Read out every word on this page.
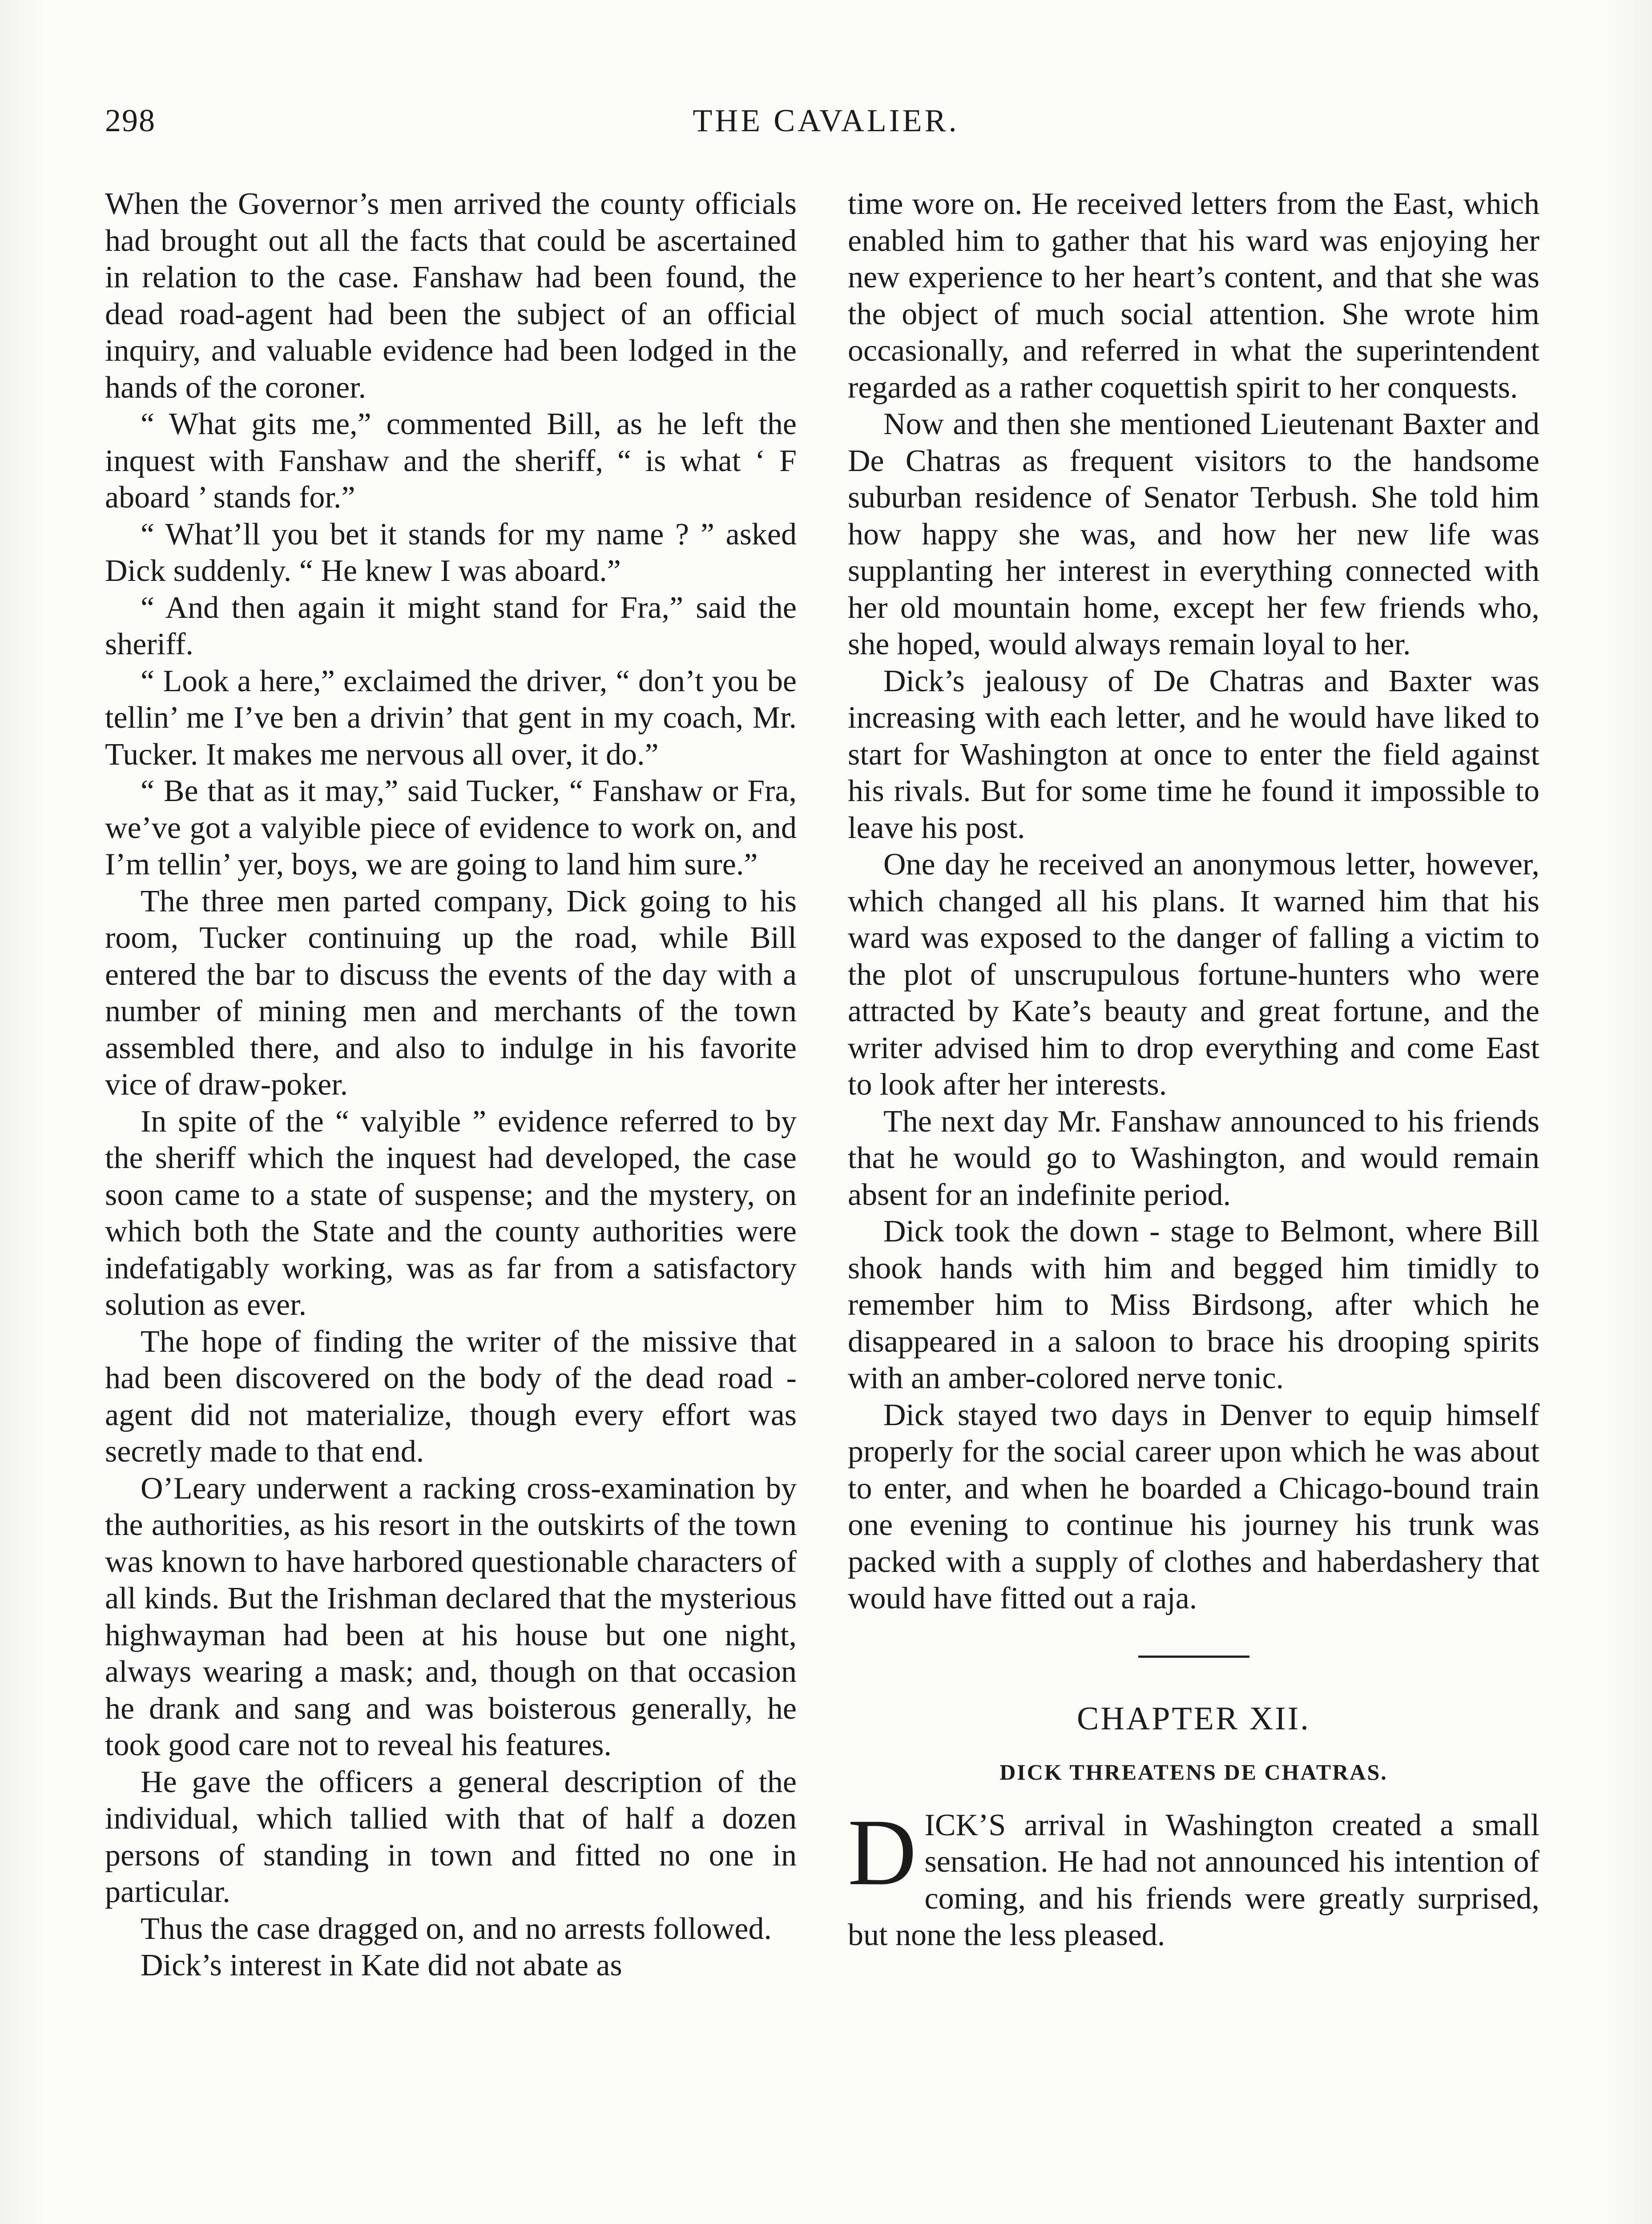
298	THE CAVALIER.

When the Governor’s men arrived the county officials had brought out all the facts that could be ascertained in relation to the case. Fanshaw had been found, the dead road-agent had been the subject of an official inquiry, and valuable evidence had been lodged in the hands of the coroner.

“ What gits me,” commented Bill, as he left the inquest with Fanshaw and the sheriff, “ is what ‘ F aboard ’ stands for.”

“ What’ll you bet it stands for my name ? ” asked Dick suddenly. “ He knew I was aboard.”

“ And then again it might stand for Fra,” said the sheriff.

“ Look a here,” exclaimed the driver, “ don’t you be tellin’ me I’ve ben a drivin’ that gent in my coach, Mr. Tucker. It makes me nervous all over, it do.”

“ Be that as it may,” said Tucker, “ Fanshaw or Fra, we’ve got a valyible piece of evidence to work on, and I’m tellin’ yer, boys, we are going to land him sure.”

The three men parted company, Dick going to his room, Tucker continuing up the road, while Bill entered the bar to discuss the events of the day with a number of mining men and merchants of the town assembled there, and also to indulge in his favorite vice of draw-poker.

In spite of the “ valyible ” evidence referred to by the sheriff which the inquest had developed, the case soon came to a state of suspense; and the mystery, on which both the State and the county authorities were indefatigably working, was as far from a satisfactory solution as ever.

The hope of finding the writer of the missive that had been discovered on the body of the dead road - agent did not materialize, though every effort was secretly made to that end.

O’Leary underwent a racking cross-examination by the authorities, as his resort in the outskirts of the town was known to have harbored questionable characters of all kinds. But the Irishman declared that the mysterious highwayman had been at his house but one night, always wearing a mask; and, though on that occasion he drank and sang and was boisterous generally, he took good care not to reveal his features.

He gave the officers a general description of the individual, which tallied with that of half a dozen persons of standing in town and fitted no one in particular.

Thus the case dragged on, and no arrests followed.

Dick’s interest in Kate did not abate as

time wore on. He received letters from the East, which enabled him to gather that his ward was enjoying her new experience to her heart’s content, and that she was the object of much social attention. She wrote him occasionally, and referred in what the superintendent regarded as a rather coquettish spirit to her conquests.

Now and then she mentioned Lieutenant Baxter and De Chatras as frequent visitors to the handsome suburban residence of Senator Terbush. She told him how happy she was, and how her new life was supplanting her interest in everything connected with her old mountain home, except her few friends who, she hoped, would always remain loyal to her.

Dick’s jealousy of De Chatras and Baxter was increasing with each letter, and he would have liked to start for Washington at once to enter the field against his rivals. But for some time he found it impossible to leave his post.

One day he received an anonymous letter, however, which changed all his plans. It warned him that his ward was exposed to the danger of falling a victim to the plot of unscrupulous fortune-hunters who were attracted by Kate’s beauty and great fortune, and the writer advised him to drop everything and come East to look after her interests.

The next day Mr. Fanshaw announced to his friends that he would go to Washington, and would remain absent for an indefinite period.

Dick took the down - stage to Belmont, where Bill shook hands with him and begged him timidly to remember him to Miss Birdsong, after which he disappeared in a saloon to brace his drooping spirits with an amber-colored nerve tonic.

Dick stayed two days in Denver to equip himself properly for the social career upon which he was about to enter, and when he boarded a Chicago-bound train one evening to continue his journey his trunk was packed with a supply of clothes and haberdashery that would have fitted out a raja.

CHAPTER XII.
DICK THREATENS DE CHATRAS.

DICK’S arrival in Washington created a small sensation. He had not announced his intention of coming, and his friends were greatly surprised, but none the less pleased.
